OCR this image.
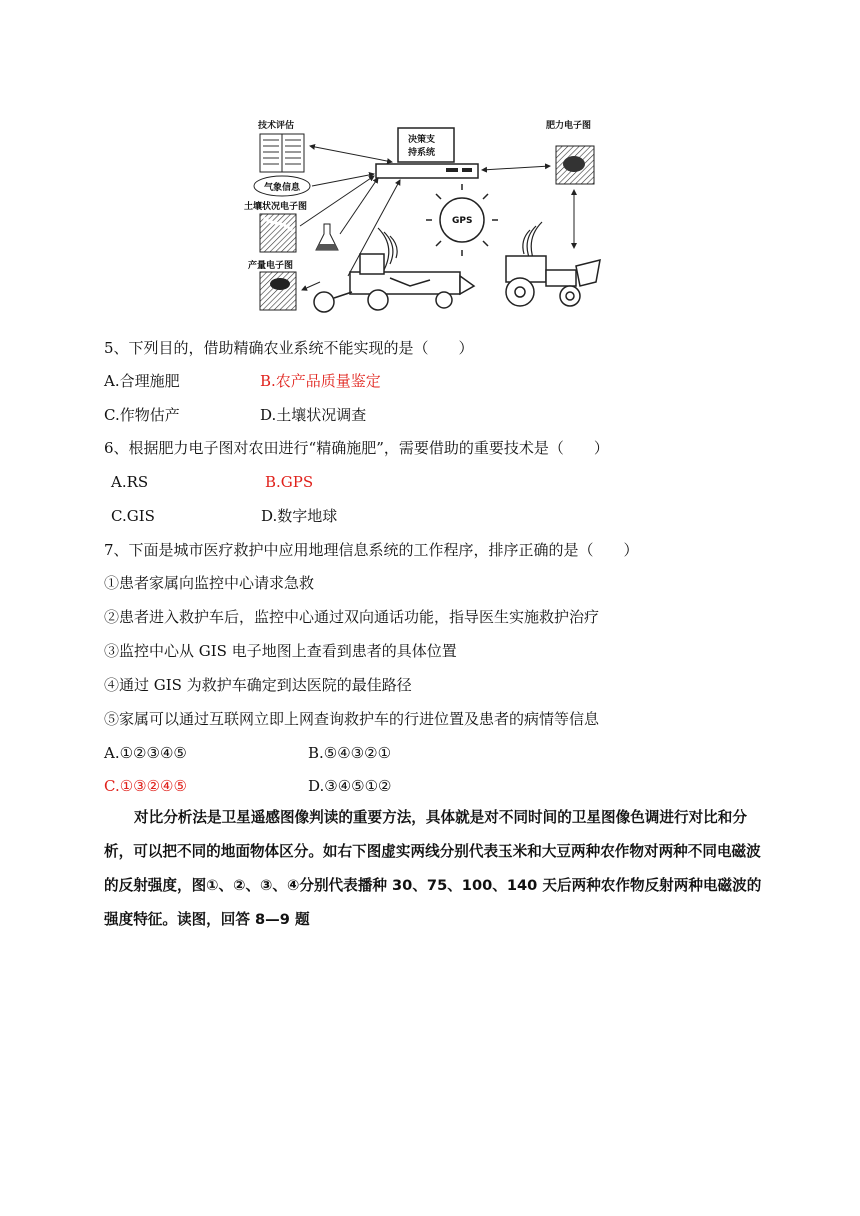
技术评估
气象信息
土壤状况电子图
产量电子图
决策支
持系统
肥力电子图
GPS
5、下列目的，借助精确农业系统不能实现的是（　　）
A.合理施肥	B.农产品质量鉴定
C.作物估产	D.土壤状况调查
6、根据肥力电子图对农田进行“精确施肥”，需要借助的重要技术是（　　）
A.RS	B.GPS
C.GIS	D.数字地球
7、下面是城市医疗救护中应用地理信息系统的工作程序，排序正确的是（　　）
①患者家属向监控中心请求急救
②患者进入救护车后，监控中心通过双向通话功能，指导医生实施救护治疗
③监控中心从 GIS 电子地图上查看到患者的具体位置
④通过 GIS 为救护车确定到达医院的最佳路径
⑤家属可以通过互联网立即上网查询救护车的行进位置及患者的病情等信息
A.①②③④⑤	B.⑤④③②①
C.①③②④⑤	D.③④⑤①②
对比分析法是卫星遥感图像判读的重要方法，具体就是对不同时间的卫星图像色调进行对比和分析，可以把不同的地面物体区分。如右下图虚实两线分别代表玉米和大豆两种农作物对两种不同电磁波的反射强度，图①、②、③、④分别代表播种 30、75、100、140 天后两种农作物反射两种电磁波的强度特征。读图，回答 8—9 题
